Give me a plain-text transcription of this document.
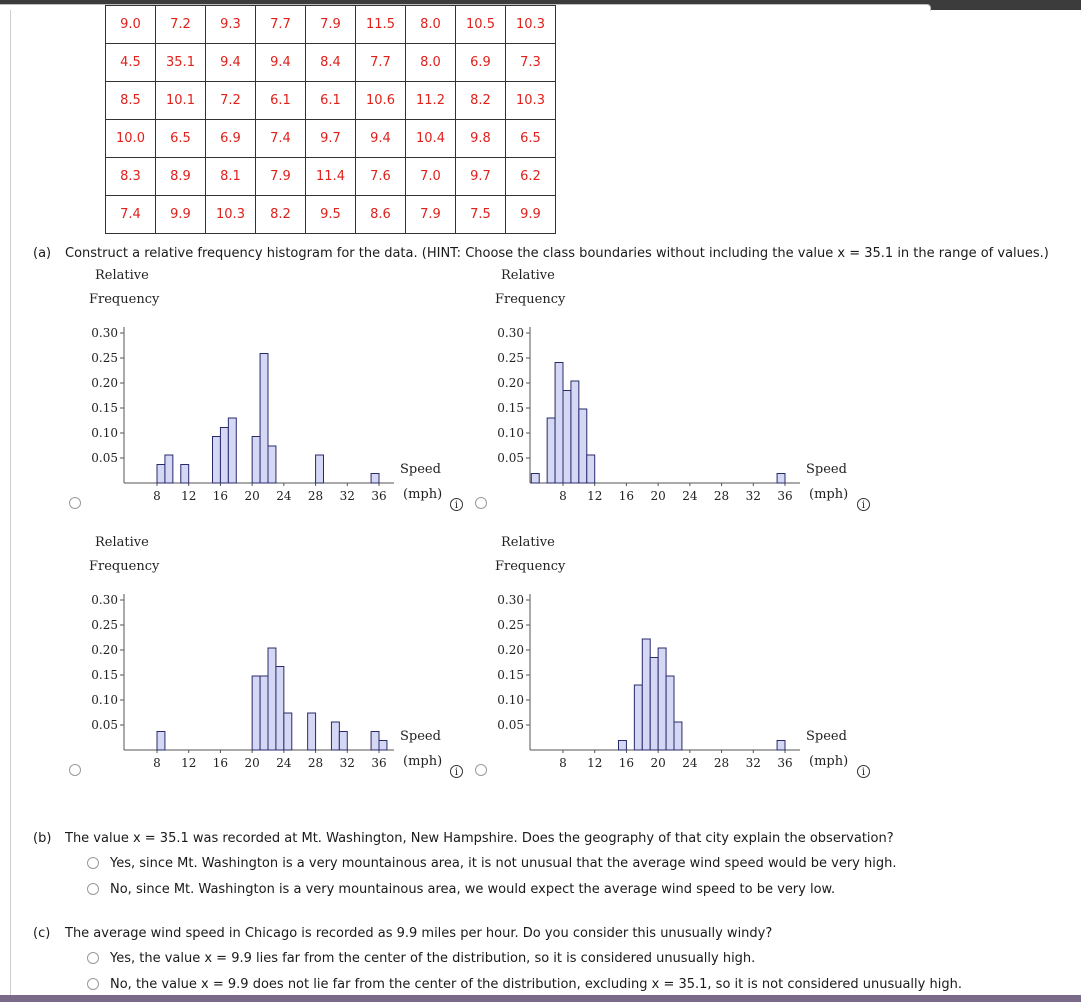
9.0	7.2	9.3	7.7	7.9	11.5	8.0	10.5	10.3
4.5	35.1	9.4	9.4	8.4	7.7	8.0	6.9	7.3
8.5	10.1	7.2	6.1	6.1	10.6	11.2	8.2	10.3
10.0	6.5	6.9	7.4	9.7	9.4	10.4	9.8	6.5
8.3	8.9	8.1	7.9	11.4	7.6	7.0	9.7	6.2
7.4	9.9	10.3	8.2	9.5	8.6	7.9	7.5	9.9
(a) Construct a relative frequency histogram for the data. (HINT: Choose the class boundaries without including the value x = 35.1 in the range of values.)
Relative
Frequency
0.05
0.10
0.15
0.20
0.25
0.30
8 12 16 20 24 28 32 36
Speed
(mph)
i
Relative
Frequency
0.05
0.10
0.15
0.20
0.25
0.30
8 12 16 20 24 28 32 36
Speed
(mph)
i
Relative
Frequency
0.05
0.10
0.15
0.20
0.25
0.30
8 12 16 20 24 28 32 36
Speed
(mph)
i
Relative
Frequency
0.05
0.10
0.15
0.20
0.25
0.30
8 12 16 20 24 28 32 36
Speed
(mph)
i
(b) The value x = 35.1 was recorded at Mt. Washington, New Hampshire. Does the geography of that city explain the observation?
Yes, since Mt. Washington is a very mountainous area, it is not unusual that the average wind speed would be very high.
No, since Mt. Washington is a very mountainous area, we would expect the average wind speed to be very low.
(c) The average wind speed in Chicago is recorded as 9.9 miles per hour. Do you consider this unusually windy?
Yes, the value x = 9.9 lies far from the center of the distribution, so it is considered unusually high.
No, the value x = 9.9 does not lie far from the center of the distribution, excluding x = 35.1, so it is not considered unusually high.
